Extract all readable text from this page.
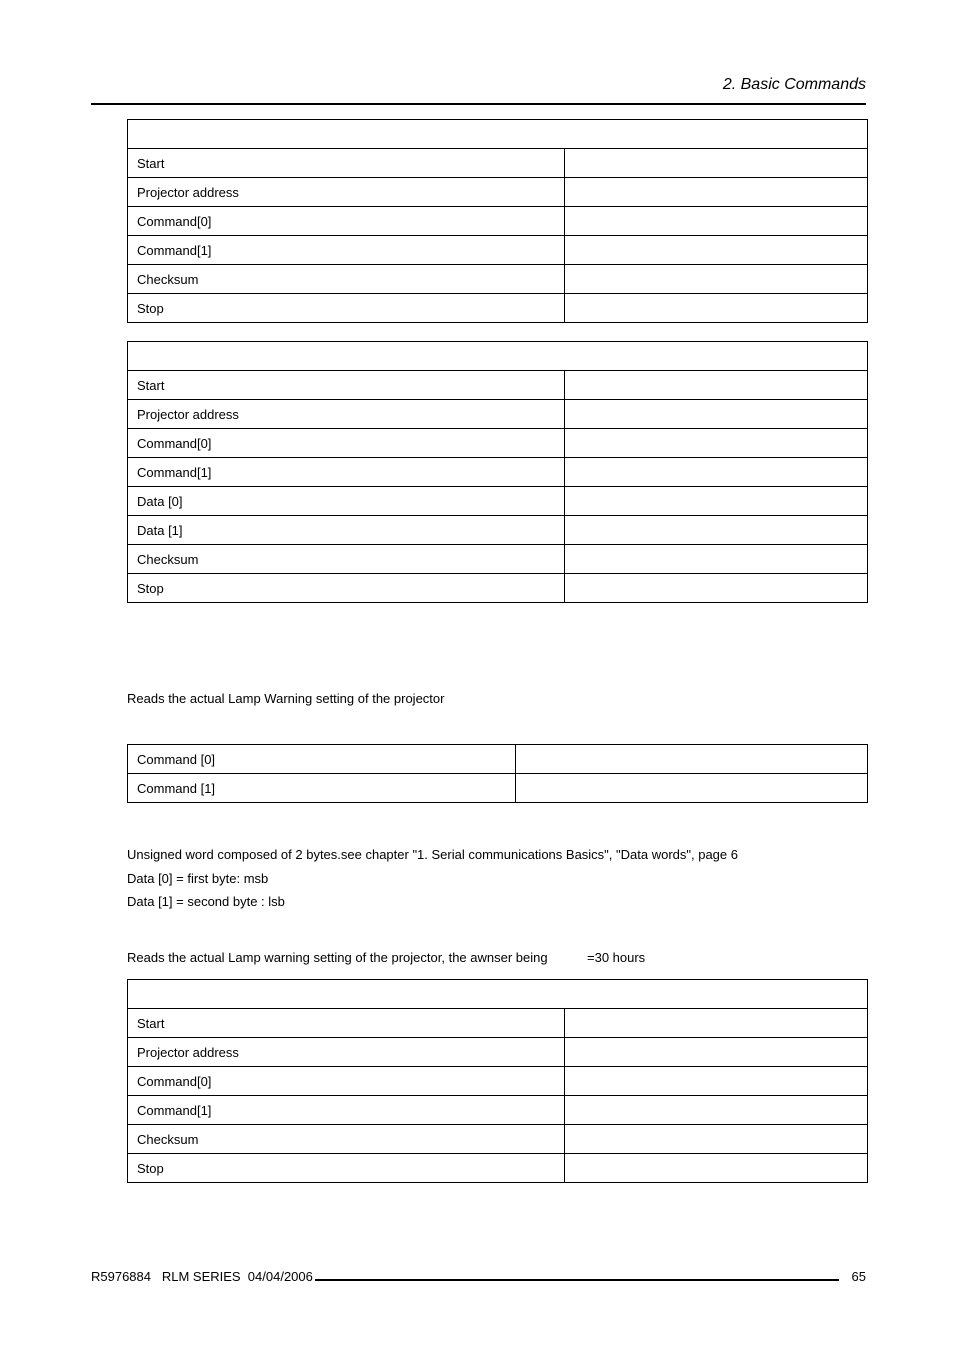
2. Basic Commands

Start	
Projector address	
Command[0]	
Command[1]	
Checksum	
Stop	

Start	
Projector address	
Command[0]	
Command[1]	
Data [0]	
Data [1]	
Checksum	
Stop	
Reads the actual Lamp Warning setting of the projector
Command [0]	
Command [1]	
Unsigned word composed of 2 bytes.see chapter "1. Serial communications Basics", "Data words", page 6
Data [0] = first byte: msb
Data [1] = second byte : lsb
Reads the actual Lamp warning setting of the projector, the awnser being	=30 hours

Start	
Projector address	
Command[0]	
Command[1]	
Checksum	
Stop	
R5976884   RLM SERIES  04/04/2006	65
